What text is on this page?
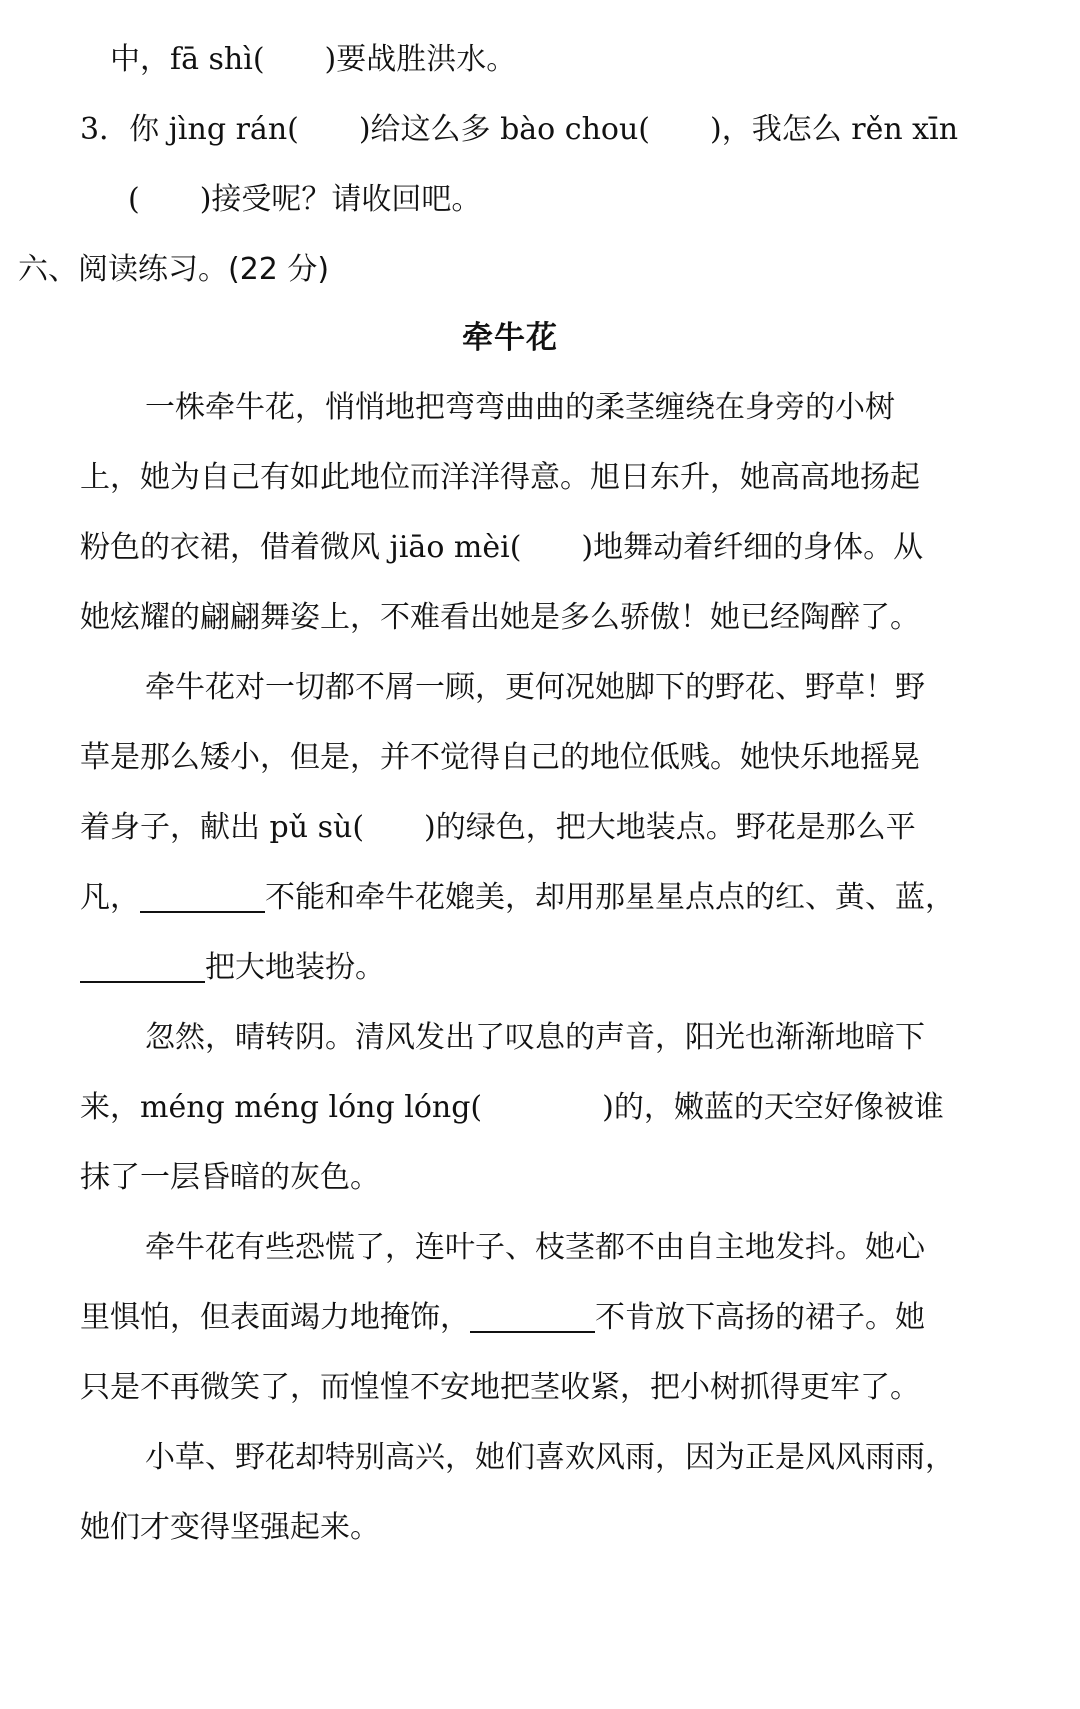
中，fā shì( )要战胜洪水。
3．你 jìng rán( )给这么多 bào chou( )，我怎么 rěn xīn
( )接受呢？请收回吧。
六、阅读练习。(22 分)
牵牛花
一株牵牛花，悄悄地把弯弯曲曲的柔茎缠绕在身旁的小树
上，她为自己有如此地位而洋洋得意。旭日东升，她高高地扬起
粉色的衣裙，借着微风 jiāo mèi( )地舞动着纤细的身体。从
她炫耀的翩翩舞姿上，不难看出她是多么骄傲！她已经陶醉了。
牵牛花对一切都不屑一顾，更何况她脚下的野花、野草！野
草是那么矮小，但是，并不觉得自己的地位低贱。她快乐地摇晃
着身子，献出 pǔ sù( )的绿色，把大地装点。野花是那么平
凡，	不能和牵牛花媲美，却用那星星点点的红、黄、蓝，
把大地装扮。
忽然，晴转阴。清风发出了叹息的声音，阳光也渐渐地暗下
来，méng méng lóng lóng(	)的，嫩蓝的天空好像被谁
抹了一层昏暗的灰色。
牵牛花有些恐慌了，连叶子、枝茎都不由自主地发抖。她心
里惧怕，但表面竭力地掩饰，	不肯放下高扬的裙子。她
只是不再微笑了，而惶惶不安地把茎收紧，把小树抓得更牢了。
小草、野花却特别高兴，她们喜欢风雨，因为正是风风雨雨，
她们才变得坚强起来。
